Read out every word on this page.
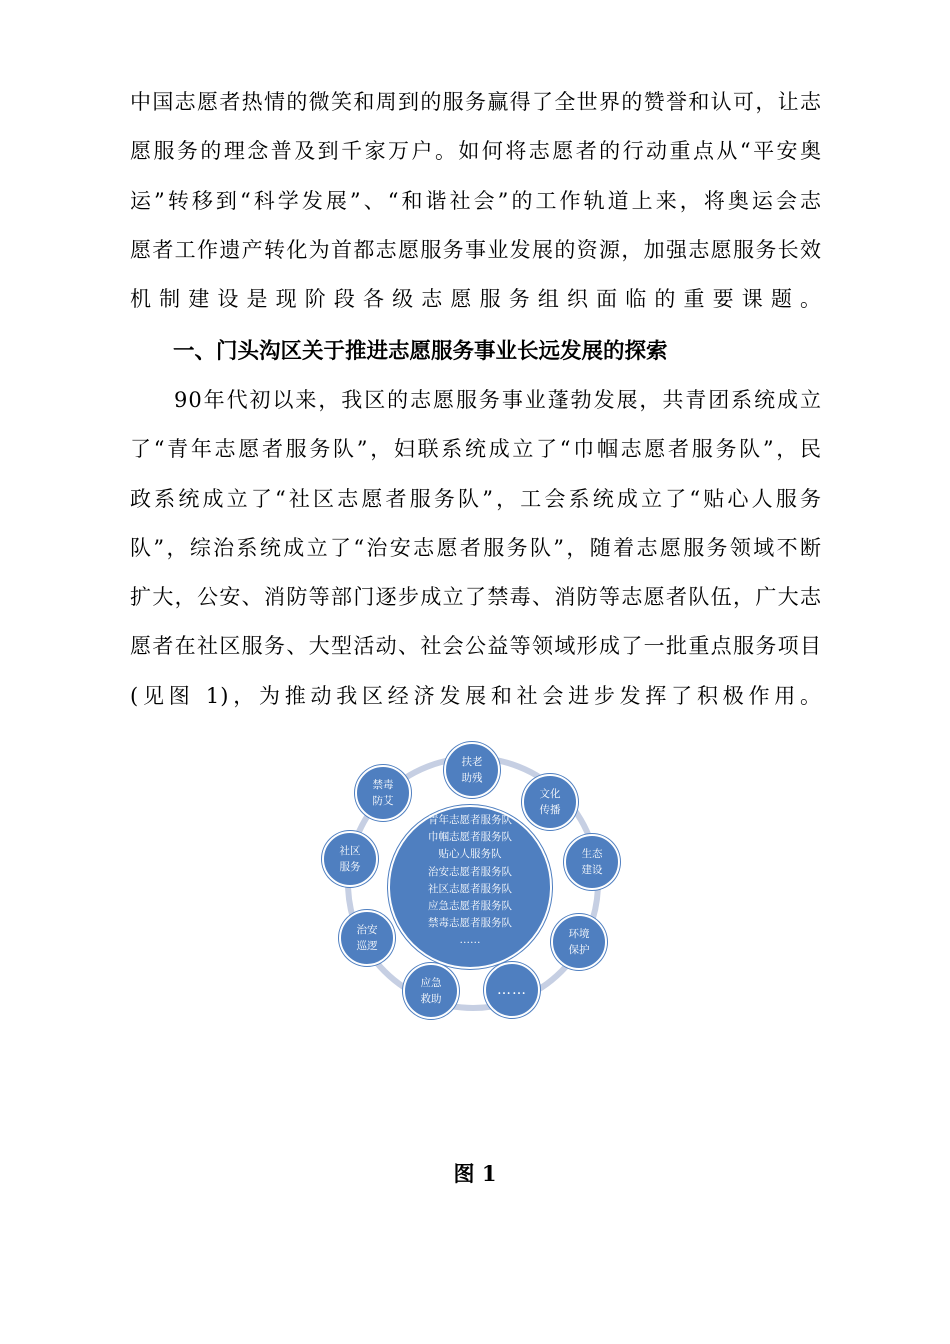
中国志愿者热情的微笑和周到的服务赢得了全世界的赞誉和认可，让志
愿服务的理念普及到千家万户。如何将志愿者的行动重点从“平安奥
运”转移到“科学发展”、“和谐社会”的工作轨道上来，将奥运会志
愿者工作遗产转化为首都志愿服务事业发展的资源，加强志愿服务长效
机制建设是现阶段各级志愿服务组织面临的重要课题。
一、门头沟区关于推进志愿服务事业长远发展的探索
90年代初以来，我区的志愿服务事业蓬勃发展，共青团系统成立
了“青年志愿者服务队”，妇联系统成立了“巾帼志愿者服务队”，民
政系统成立了“社区志愿者服务队”，工会系统成立了“贴心人服务
队”，综治系统成立了“治安志愿者服务队”，随着志愿服务领域不断
扩大，公安、消防等部门逐步成立了禁毒、消防等志愿者队伍，广大志
愿者在社区服务、大型活动、社会公益等领域形成了一批重点服务项目
(见图 1)，为推动我区经济发展和社会进步发挥了积极作用。
青年志愿者服务队
巾帼志愿者服务队
贴心人服务队
治安志愿者服务队
社区志愿者服务队
应急志愿者服务队
禁毒志愿者服务队
……
扶老
助残
文化
传播
生态
建设
环境
保护
……
应急
救助
治安
巡逻
社区
服务
禁毒
防艾
图 1
